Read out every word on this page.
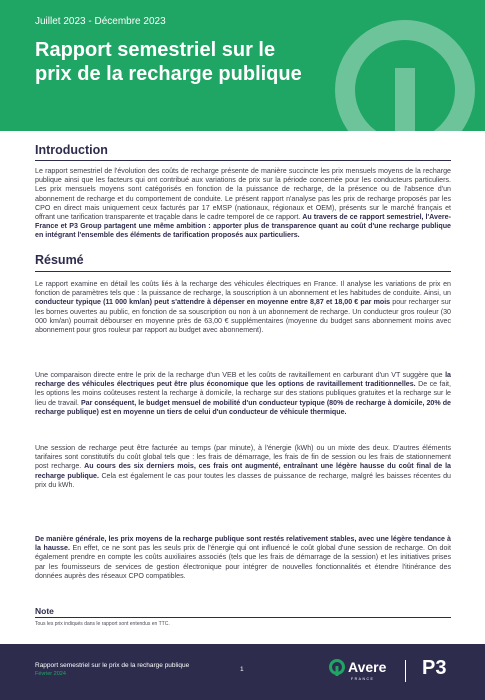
Juillet 2023 - Décembre 2023
Rapport semestriel sur le prix de la recharge publique
Introduction

Le rapport semestriel de l'évolution des coûts de recharge présente de manière succincte les prix mensuels moyens de la recharge publique ainsi que les facteurs qui ont contribué aux variations de prix sur la période concernée pour les conducteurs particuliers. Les prix mensuels moyens sont catégorisés en fonction de la puissance de recharge, de la présence ou de l'absence d'un abonnement de recharge et du comportement de conduite. Le présent rapport n'analyse pas les prix de recharge proposés par les CPO en direct mais uniquement ceux facturés par 17 eMSP (nationaux, régionaux et OEM), présents sur le marché français et offrant une tarification transparente et traçable dans le cadre temporel de ce rapport. Au travers de ce rapport semestriel, l'Avere-France et P3 Group partagent une même ambition : apporter plus de transparence quant au coût d'une recharge publique en intégrant l'ensemble des éléments de tarification proposés aux particuliers.

Résumé

Le rapport examine en détail les coûts liés à la recharge des véhicules électriques en France. Il analyse les variations de prix en fonction de paramètres tels que : la puissance de recharge, la souscription à un abonnement et les habitudes de conduite. Ainsi, un conducteur typique (11 000 km/an) peut s'attendre à dépenser en moyenne entre 8,87 et 18,00 € par mois pour recharger sur les bornes ouvertes au public, en fonction de sa souscription ou non à un abonnement de recharge. Un conducteur gros rouleur (30 000 km/an) pourrait débourser en moyenne près de 63,00 € supplémentaires (moyenne du budget sans abonnement moins avec abonnement pour gros rouleur par rapport au budget avec abonnement).

Une comparaison directe entre le prix de la recharge d'un VEB et les coûts de ravitaillement en carburant d'un VT suggère que la recharge des véhicules électriques peut être plus économique que les options de ravitaillement traditionnelles. De ce fait, les options les moins coûteuses restent la recharge à domicile, la recharge sur des stations publiques gratuites et la recharge sur le lieu de travail. Par conséquent, le budget mensuel de mobilité d'un conducteur typique (80% de recharge à domicile, 20% de recharge publique) est en moyenne un tiers de celui d'un conducteur de véhicule thermique.

Une session de recharge peut être facturée au temps (par minute), à l'énergie (kWh) ou un mixte des deux. D'autres éléments tarifaires sont constitutifs du coût global tels que : les frais de démarrage, les frais de fin de session ou les frais de stationnement post recharge. Au cours des six derniers mois, ces frais ont augmenté, entraînant une légère hausse du coût final de la recharge publique. Cela est également le cas pour toutes les classes de puissance de recharge, malgré les baisses récentes du prix du kWh.

De manière générale, les prix moyens de la recharge publique sont restés relativement stables, avec une légère tendance à la hausse. En effet, ce ne sont pas les seuls prix de l'énergie qui ont influencé le coût global d'une session de recharge. On doit également prendre en compte les coûts auxiliaires associés (tels que les frais de démarrage de la session) et les initiatives prises par les fournisseurs de services de gestion électronique pour intégrer de nouvelles fonctionnalités et étendre l'itinérance des données auprès des réseaux CPO compatibles.

Note
Tous les prix indiqués dans le rapport sont entendus en TTC.
Rapport semestriel sur le prix de la recharge publique
Février 2024
1	Avere
FRANCE P3
